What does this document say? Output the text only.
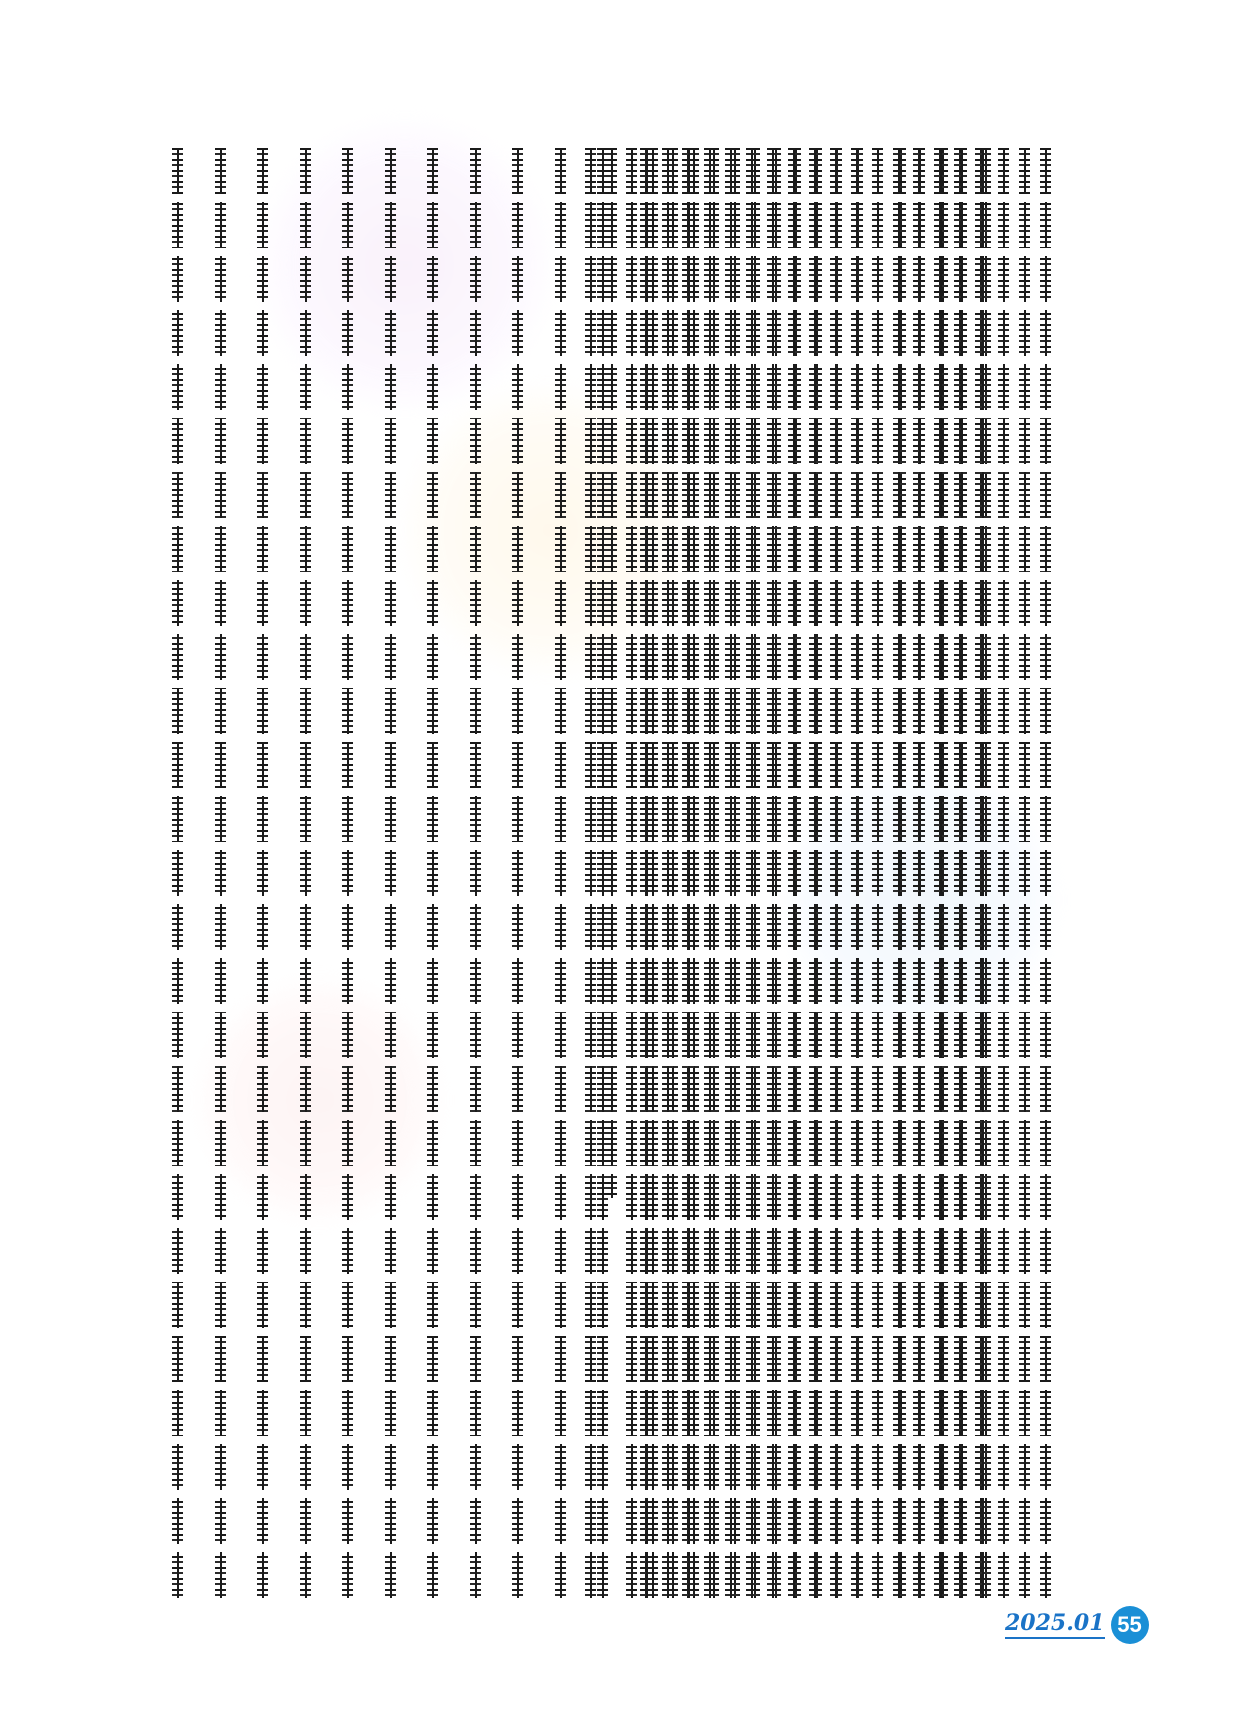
2025.01 55
